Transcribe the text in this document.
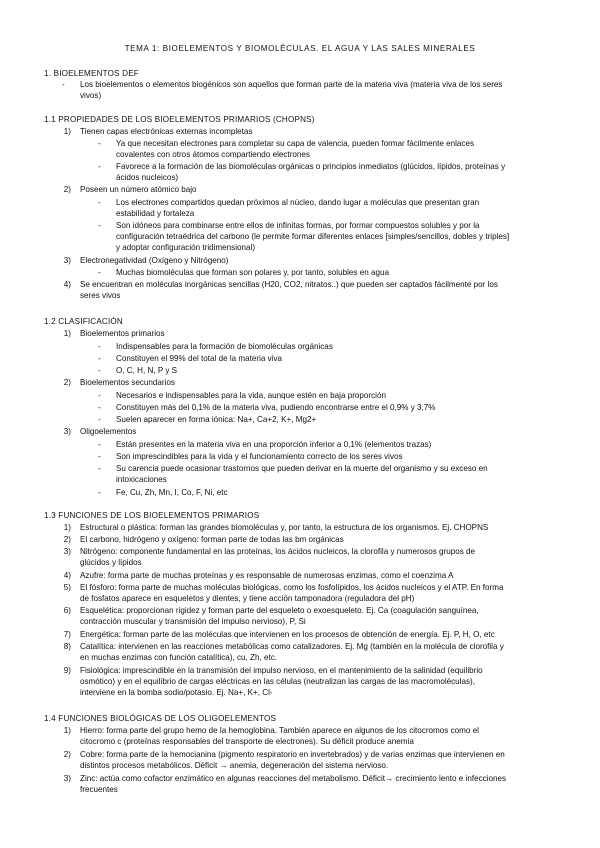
TEMA 1: BIOELEMENTOS Y BIOMOLÉCULAS. EL AGUA Y LAS SALES MINERALES
1. BIOELEMENTOS DEF
- Los bioelementos o elementos biogénicos son aquellos que forman parte de la materia viva (materia viva de los seres
vivos)
1.1 PROPIEDADES DE LOS BIOELEMENTOS PRIMARIOS (CHOPNS)
1) Tienen capas electrónicas externas incompletas
- Ya que necesitan electrones para completar su capa de valencia, pueden formar fácilmente enlaces
covalentes con otros átomos compartiendo electrones
- Favorece a la formación de las biomoléculas orgánicas o principios inmediatos (glúcidos, lípidos, proteínas y
ácidos nucleicos)
2) Poseen un número atómico bajo
- Los electrones compartidos quedan próximos al núcleo, dando lugar a moléculas que presentan gran
estabilidad y fortaleza
- Son idóneos para combinarse entre ellos de infinitas formas, por formar compuestos solubles y por la
configuración tetraédrica del carbono (le permite formar diferentes enlaces [simples/sencillos, dobles y triples]
y adoptar configuración tridimensional)
3) Electronegatividad (Oxígeno y Nitrógeno)
- Muchas biomoléculas que forman son polares y, por tanto, solubles en agua
4) Se encuentran en moléculas inorgánicas sencillas (H20, CO2, nitratos..) que pueden ser captados fácilmente por los
seres vivos
1.2 CLASIFICACIÓN
1) Bioelementos primarios
- Indispensables para la formación de biomoléculas orgánicas
- Constituyen el 99% del total de la materia viva
- O, C, H, N, P y S
2) Bioelementos secundarios
- Necesarios e indispensables para la vida, aunque estén en baja proporción
- Constituyen más del 0,1% de la materia viva, pudiendo encontrarse entre el 0,9% y 3,7%
- Suelen aparecer en forma iónica: Na+, Ca+2, K+, Mg2+
3) Oligoelementos
- Están presentes en la materia viva en una proporción inferior a 0,1% (elementos trazas)
- Son imprescindibles para la vida y el funcionamiento correcto de los seres vivos
- Su carencia puede ocasionar trastornos que pueden derivar en la muerte del organismo y su exceso en
intoxicaciones
- Fe, Cu, Zh, Mn, I, Co, F, Ni, etc
1.3 FUNCIONES DE LOS BIOELEMENTOS PRIMARIOS
1) Estructural o plástica: forman las grandes biomoléculas y, por tanto, la estructura de los organismos. Ej. CHOPNS
2) El carbono, hidrógeno y oxígeno: forman parte de todas las bm orgánicas
3) Nitrógeno: componente fundamental en las proteínas, los ácidos nucleicos, la clorofila y numerosos grupos de
glúcidos y lípidos
4) Azufre: forma parte de muchas proteínas y es responsable de numerosas enzimas, como el coenzima A
5) El fósforo: forma parte de muchas moléculas biológicas, como los fosfolípidos, los ácidos nucleicos y el ATP. En forma
de fosfatos aparece en esqueletos y dientes, y tiene acción tamponadora (reguladora del pH)
6) Esquelética: proporcionan rigidez y forman parte del esqueleto o exoesqueleto. Ej. Ca (coagulación sanguínea,
contracción muscular y transmisión del impulso nervioso), P, Si
7) Energética: forman parte de las moléculas que intervienen en los procesos de obtención de energía. Ej. P, H, O, etc
8) Catalítica: intervienen en las reacciones metabólicas como catalizadores. Ej. Mg (también en la molécula de clorofila y
en muchas enzimas con función catalítica), cu, Zh, etc.
9) Fisiológica: imprescindible en la transmisión del impulso nervioso, en el mantenimiento de la salinidad (equilibrio
osmótico) y en el equilibrio de cargas eléctricas en las células (neutralizan las cargas de las macromoléculas),
interviene en la bomba sodio/potasio. Ej. Na+, K+, Cl-
1.4 FUNCIONES BIOLÓGICAS DE LOS OLIGOELEMENTOS
1) Hierro: forma parte del grupo hemo de la hemoglobina. También aparece en algunos de los citocromos como el
citocromo c (proteínas responsables del transporte de electrones). Su déficit produce anemia
2) Cobre: forma parte de la hemocianina (pigmento respiratorio en invertebrados) y de varias enzimas que intervienen en
distintos procesos metabólicos. Déficit → anemia, degeneración del sistema nervioso.
3) Zinc: actúa como cofactor enzimático en algunas reacciones del metabolismo. Déficit→ crecimiento lento e infecciones
frecuentes
